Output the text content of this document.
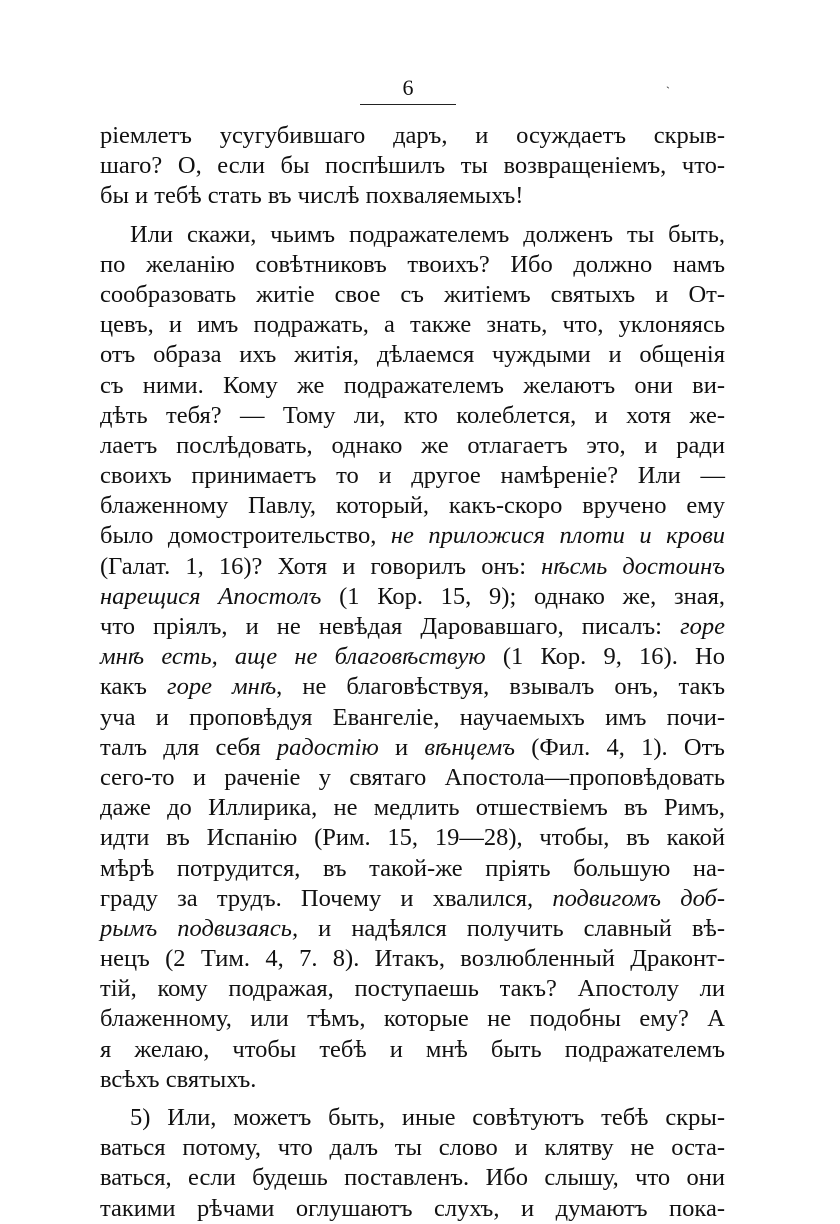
6	`
ріемлетъ усугубившаго даръ, и осуждаетъ скрыв-
шаго? О, если бы поспѣшилъ ты возвращеніемъ, что-
бы и тебѣ стать въ числѣ похваляемыхъ!
Или скажи, чьимъ подражателемъ долженъ ты быть,
по желанію совѣтниковъ твоихъ? Ибо должно намъ
сообразовать житіе свое съ житіемъ святыхъ и От-
цевъ, и имъ подражать, а также знать, что, уклоняясь
отъ образа ихъ житія, дѣлаемся чуждыми и общенія
съ ними. Кому же подражателемъ желаютъ они ви-
дѣть тебя? — Тому ли, кто колеблется, и хотя же-
лаетъ послѣдовать, однако же отлагаетъ это, и ради
своихъ принимаетъ то и другое намѣреніе? Или —
блаженному Павлу, который, какъ-скоро вручено ему
было домостроительство, не приложися плоти и крови
(Галат. 1, 16)? Хотя и говорилъ онъ: нѣсмь достоинъ
нарещися Апостолъ (1 Кор. 15, 9); однако же, зная,
что пріялъ, и не невѣдая Даровавшаго, писалъ: горе
мнѣ есть, аще не благовѣствую (1 Кор. 9, 16). Но
какъ горе мнѣ, не благовѣствуя, взывалъ онъ, такъ
уча и проповѣдуя Евангеліе, научаемыхъ имъ почи-
талъ для себя радостію и вѣнцемъ (Фил. 4, 1). Отъ
сего-то и раченіе у святаго Апостола—проповѣдовать
даже до Иллирика, не медлить отшествіемъ въ Римъ,
идти въ Испанію (Рим. 15, 19—28), чтобы, въ какой
мѣрѣ потрудится, въ такой-же пріять большую на-
граду за трудъ. Почему и хвалился, подвигомъ доб-
рымъ подвизаясь, и надѣялся получить славный вѣ-
нецъ (2 Тим. 4, 7. 8). Итакъ, возлюбленный Драконт-
тій, кому подражая, поступаешь такъ? Апостолу ли
блаженному, или тѣмъ, которые не подобны ему? А
я желаю, чтобы тебѣ и мнѣ быть подражателемъ
всѣхъ святыхъ.
5) Или, можетъ быть, иные совѣтуютъ тебѣ скры-
ваться потому, что далъ ты слово и клятву не оста-
ваться, если будешь поставленъ. Ибо слышу, что они
такими рѣчами оглушаютъ слухъ, и думаютъ пока-
